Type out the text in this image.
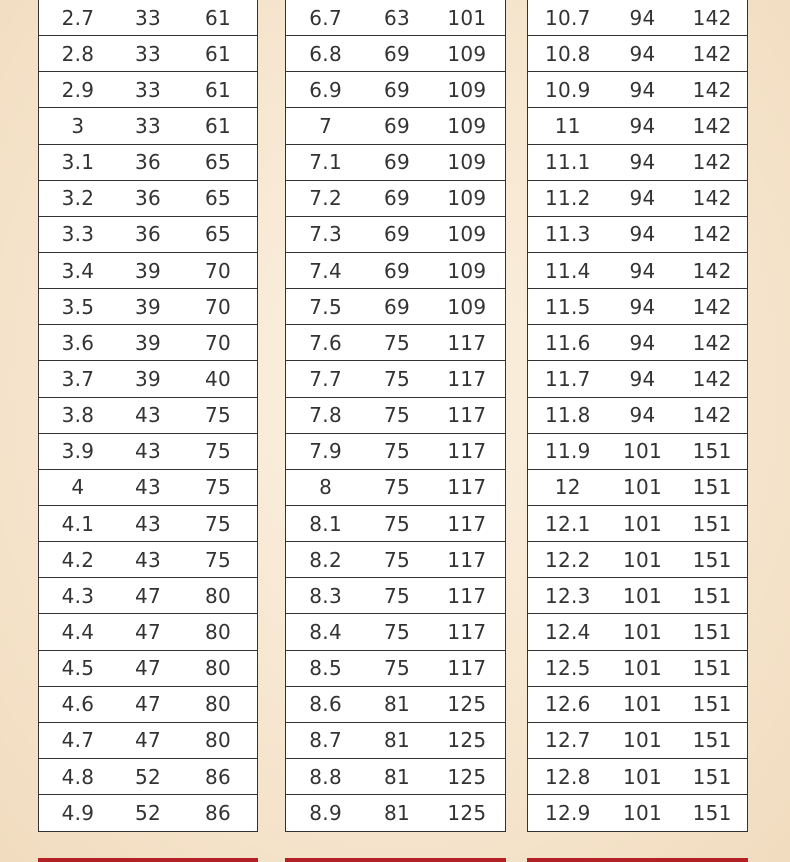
2.7	33	61
2.8	33	61
2.9	33	61
3	33	61
3.1	36	65
3.2	36	65
3.3	36	65
3.4	39	70
3.5	39	70
3.6	39	70
3.7	39	40
3.8	43	75
3.9	43	75
4	43	75
4.1	43	75
4.2	43	75
4.3	47	80
4.4	47	80
4.5	47	80
4.6	47	80
4.7	47	80
4.8	52	86
4.9	52	86
6.7	63	101
6.8	69	109
6.9	69	109
7	69	109
7.1	69	109
7.2	69	109
7.3	69	109
7.4	69	109
7.5	69	109
7.6	75	117
7.7	75	117
7.8	75	117
7.9	75	117
8	75	117
8.1	75	117
8.2	75	117
8.3	75	117
8.4	75	117
8.5	75	117
8.6	81	125
8.7	81	125
8.8	81	125
8.9	81	125
10.7	94	142
10.8	94	142
10.9	94	142
11	94	142
11.1	94	142
11.2	94	142
11.3	94	142
11.4	94	142
11.5	94	142
11.6	94	142
11.7	94	142
11.8	94	142
11.9	101	151
12	101	151
12.1	101	151
12.2	101	151
12.3	101	151
12.4	101	151
12.5	101	151
12.6	101	151
12.7	101	151
12.8	101	151
12.9	101	151
